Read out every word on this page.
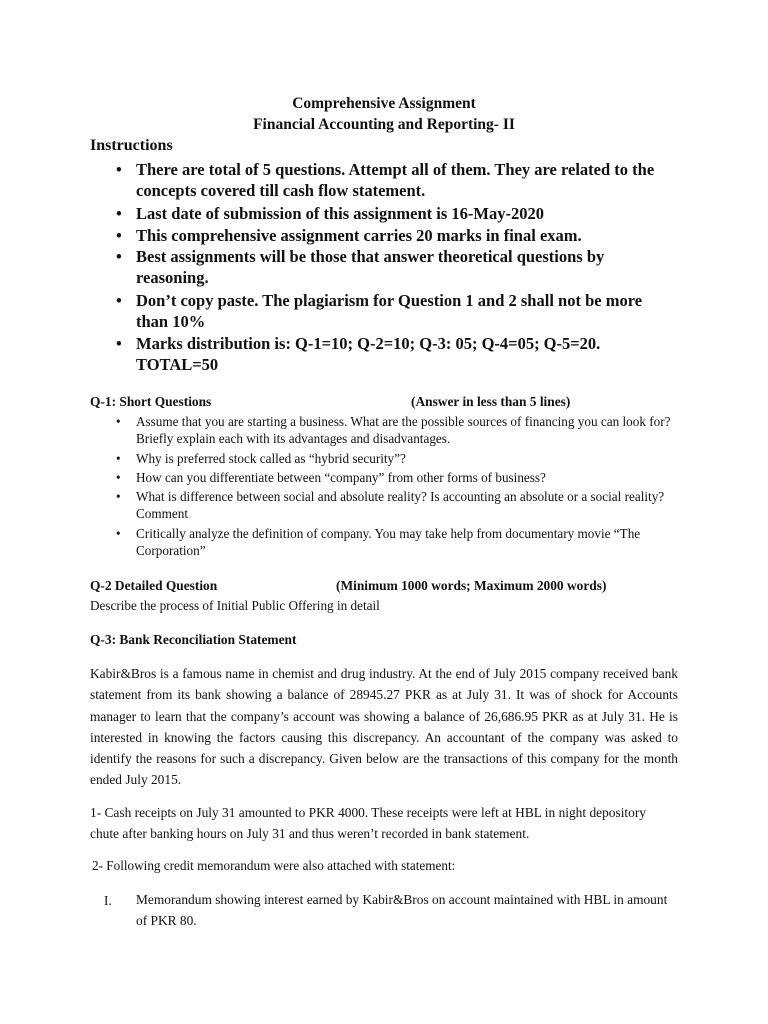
Comprehensive Assignment
Financial Accounting and Reporting- II
Instructions
• There are total of 5 questions. Attempt all of them. They are related to the concepts covered till cash flow statement.
• Last date of submission of this assignment is 16-May-2020
• This comprehensive assignment carries 20 marks in final exam.
• Best assignments will be those that answer theoretical questions by reasoning.
• Don’t copy paste. The plagiarism for Question 1 and 2 shall not be more than 10%
• Marks distribution is: Q-1=10; Q-2=10; Q-3: 05; Q-4=05; Q-5=20. TOTAL=50
Q-1: Short Questions	(Answer in less than 5 lines)
• Assume that you are starting a business. What are the possible sources of financing you can look for? Briefly explain each with its advantages and disadvantages.
• Why is preferred stock called as “hybrid security”?
• How can you differentiate between “company” from other forms of business?
• What is difference between social and absolute reality? Is accounting an absolute or a social reality? Comment
• Critically analyze the definition of company. You may take help from documentary movie “The Corporation”
Q-2 Detailed Question	(Minimum 1000 words; Maximum 2000 words)
Describe the process of Initial Public Offering in detail
Q-3: Bank Reconciliation Statement
Kabir&Bros is a famous name in chemist and drug industry. At the end of July 2015 company received bank statement from its bank showing a balance of 28945.27 PKR as at July 31. It was of shock for Accounts manager to learn that the company’s account was showing a balance of 26,686.95 PKR as at July 31. He is interested in knowing the factors causing this discrepancy. An accountant of the company was asked to identify the reasons for such a discrepancy. Given below are the transactions of this company for the month ended July 2015.
1- Cash receipts on July 31 amounted to PKR 4000. These receipts were left at HBL in night depository chute after banking hours on July 31 and thus weren’t recorded in bank statement.
2- Following credit memorandum were also attached with statement:
I. Memorandum showing interest earned by Kabir&Bros on account maintained with HBL in amount of PKR 80.
